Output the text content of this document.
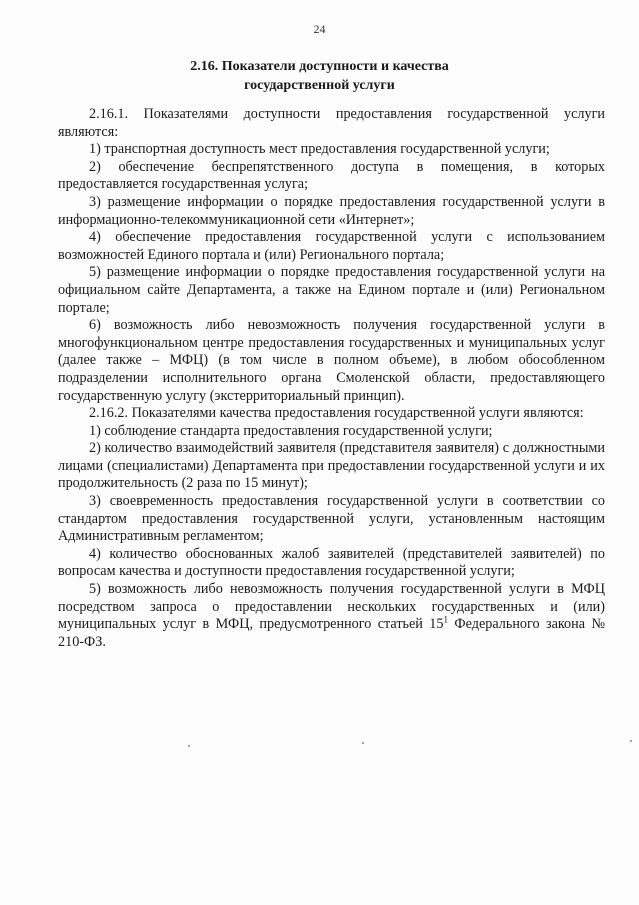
24
2.16. Показатели доступности и качества
государственной услуги

2.16.1. Показателями доступности предоставления государственной услуги являются:

1) транспортная доступность мест предоставления государственной услуги;

2) обеспечение беспрепятственного доступа в помещения, в которых предоставляется государственная услуга;

3) размещение информации о порядке предоставления государственной услуги в информационно-телекоммуникационной сети «Интернет»;

4) обеспечение предоставления государственной услуги с использованием возможностей Единого портала и (или) Регионального портала;

5) размещение информации о порядке предоставления государственной услуги на официальном сайте Департамента, а также на Едином портале и (или) Региональном портале;

6) возможность либо невозможность получения государственной услуги в многофункциональном центре предоставления государственных и муниципальных услуг (далее также – МФЦ) (в том числе в полном объеме), в любом обособленном подразделении исполнительного органа Смоленской области, предоставляющего государственную услугу (экстерриториальный принцип).

2.16.2. Показателями качества предоставления государственной услуги являются:

1) соблюдение стандарта предоставления государственной услуги;

2) количество взаимодействий заявителя (представителя заявителя) с должностными лицами (специалистами) Департамента при предоставлении государственной услуги и их продолжительность (2 раза по 15 минут);

3) своевременность предоставления государственной услуги в соответствии со стандартом предоставления государственной услуги, установленным настоящим Административным регламентом;

4) количество обоснованных жалоб заявителей (представителей заявителей) по вопросам качества и доступности предоставления государственной услуги;

5) возможность либо невозможность получения государственной услуги в МФЦ посредством запроса о предоставлении нескольких государственных и (или) муниципальных услуг в МФЦ, предусмотренного статьей $15^1$ Федерального закона № 210-ФЗ.
